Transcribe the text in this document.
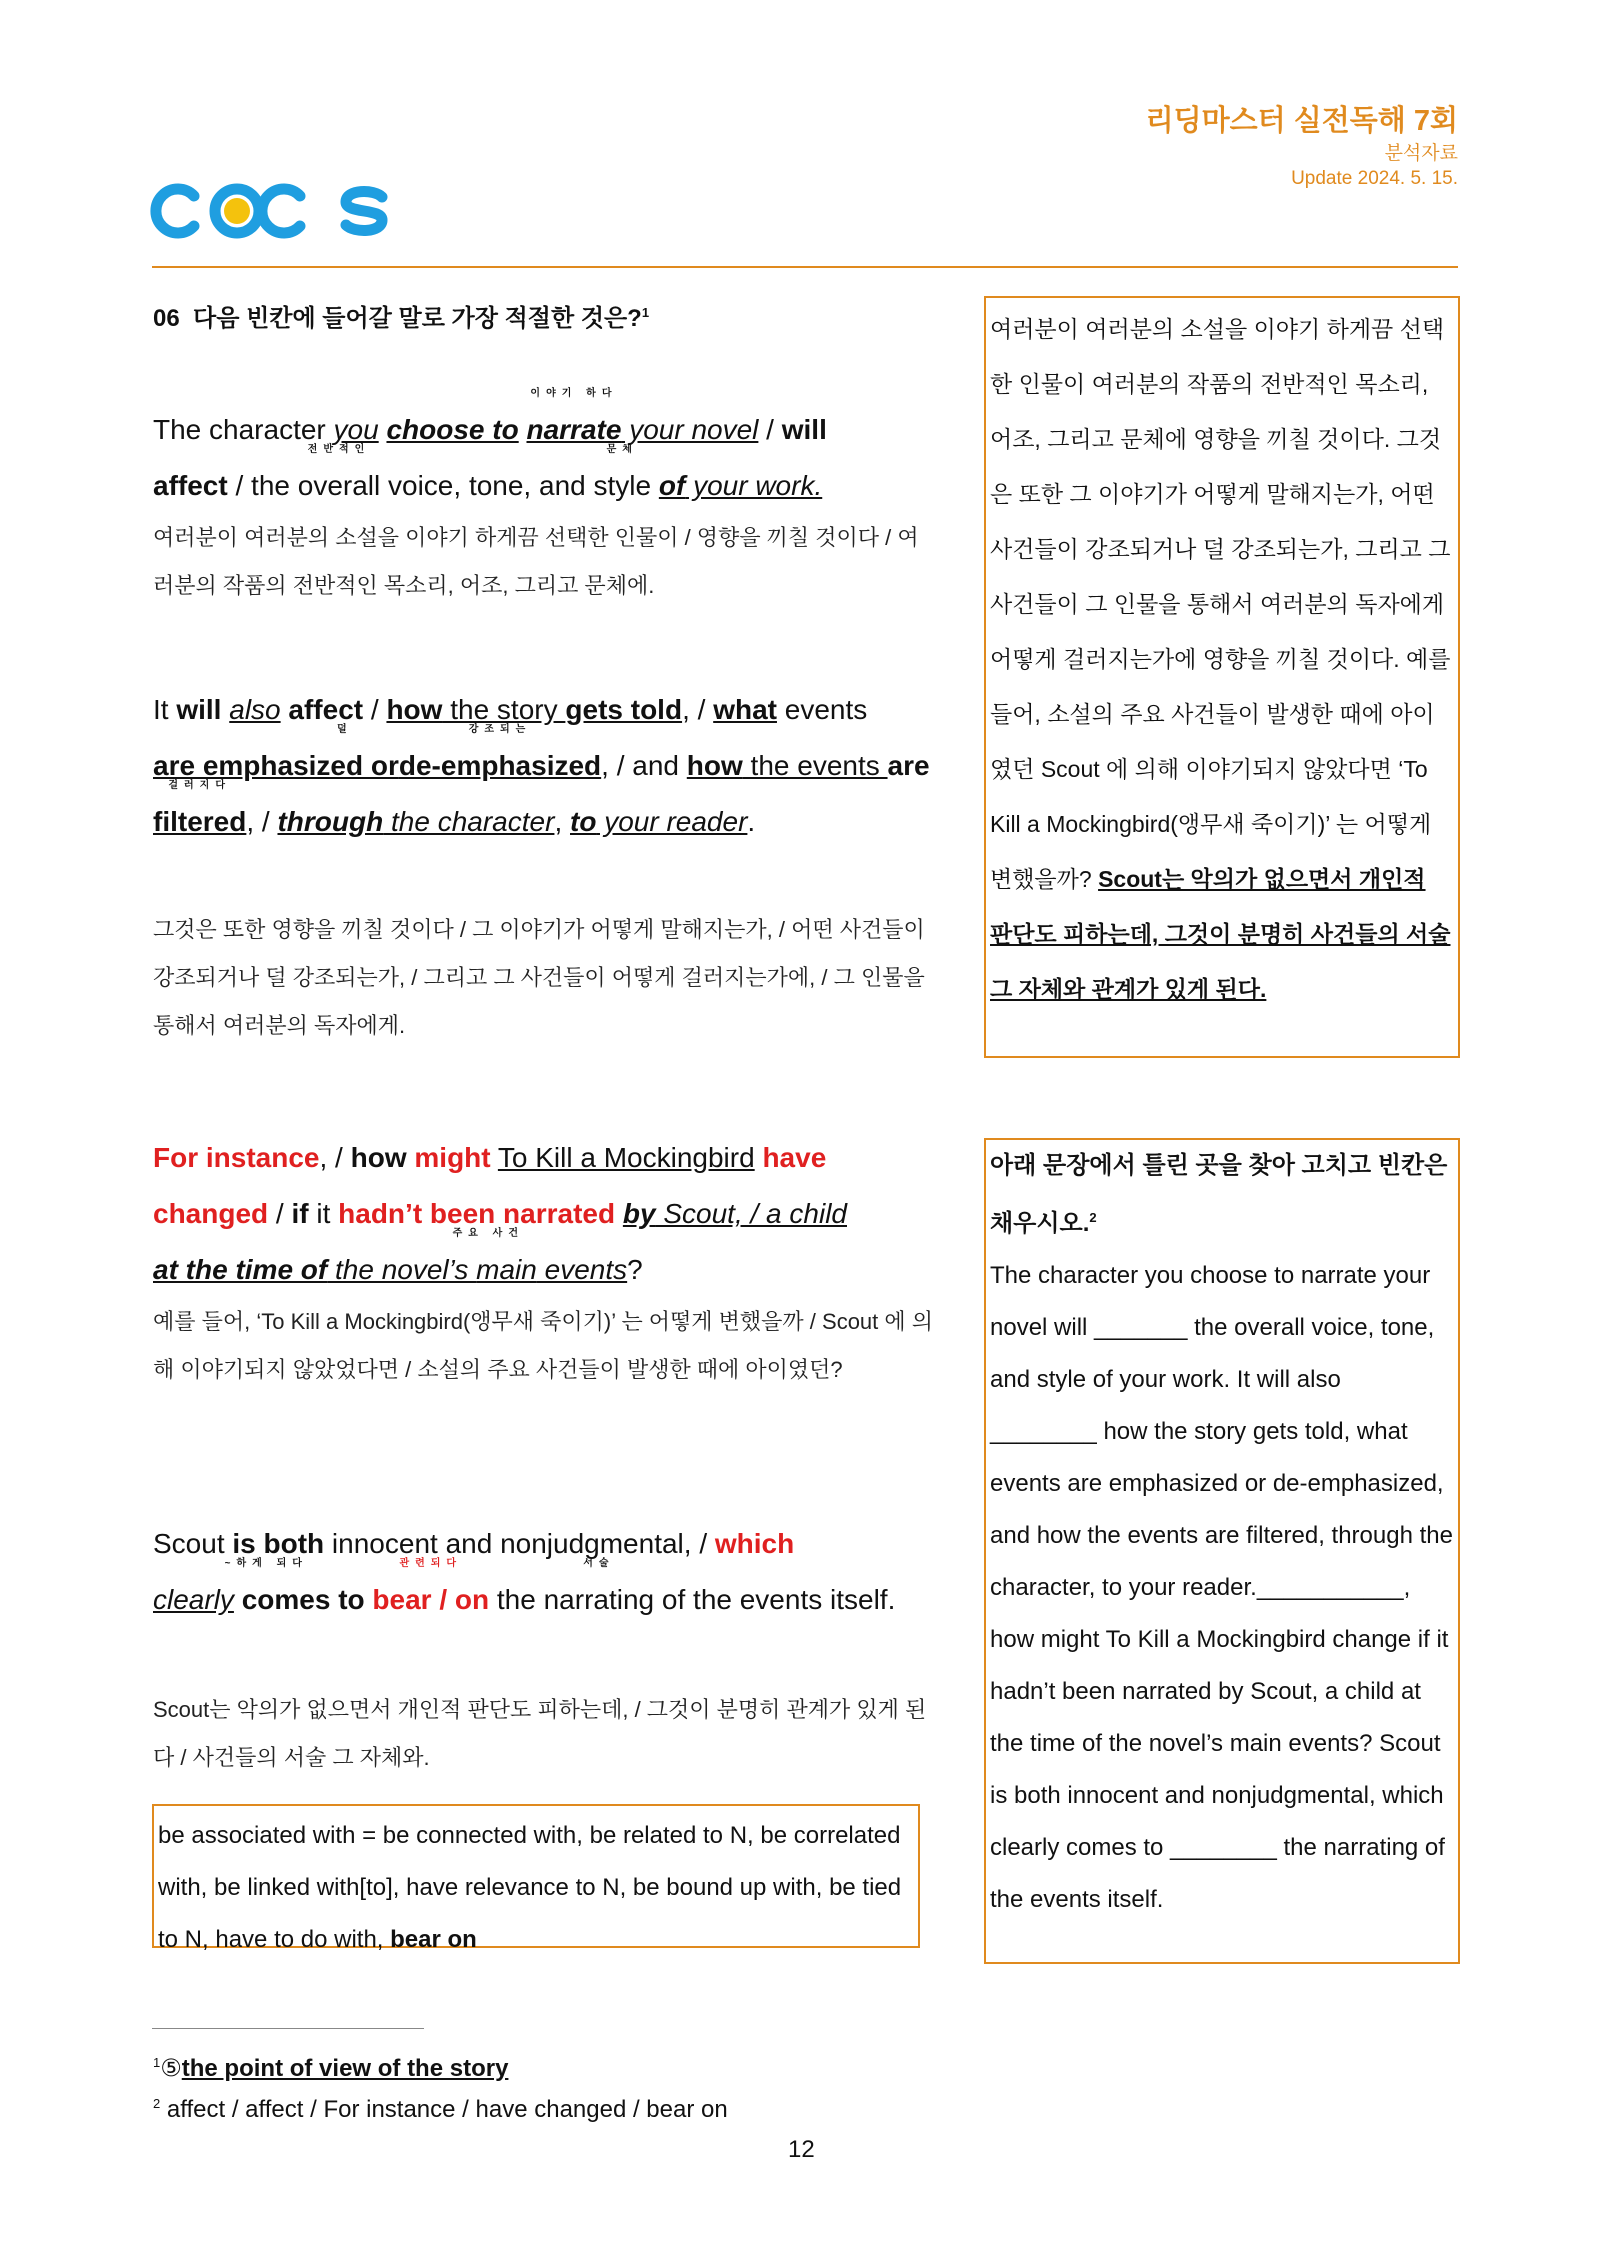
리딩마스터 실전독해 7회
분석자료
Update 2024. 5. 15.
06 다음 빈칸에 들어갈 말로 가장 적절한 것은?$^1$
The character you choose to
이야기 하다
narrate your novel / will
affect / the
전반적인
overall voice, tone, and
문체
style of your work.
여러분이 여러분의 소설을 이야기 하게끔 선택한 인물이 / 영향을 끼칠 것이다 / 여러분의 작품의 전반적인 목소리, 어조, 그리고 문체에.
It will also affect / how the story gets told, / what events

덜
are emphasized or
강조되는
de-emphasized, / and how the events are
걸러지다
filtered, / through the character, to your reader.
그것은 또한 영향을 끼칠 것이다 / 그 이야기가 어떻게 말해지는가, / 어떤 사건들이 강조되거나 덜 강조되는가, / 그리고 그 사건들이 어떻게 걸러지는가에, / 그 인물을 통해서 여러분의 독자에게.
For instance, / how might To Kill a Mockingbird have changed / if it hadn’t been narrated by Scout, / a child
at the time of the novel’s
주요 사건
main events?
예를 들어, ‘To Kill a Mockingbird(앵무새 죽이기)’ 는 어떻게 변했을까 / Scout 에 의해 이야기되지 않았었다면 / 소설의 주요 사건들이 발생한 때에 아이였던?
Scout is both innocent and nonjudgmental, / which
clearly
~하게 되다
comes to
관련되다
bear / on the
서술
narrating of the events itself.
Scout는 악의가 없으면서 개인적 판단도 피하는데, / 그것이 분명히 관계가 있게 된다 / 사건들의 서술 그 자체와.
be associated with = be connected with, be related to N, be correlated with, be linked with[to], have relevance to N, be bound up with, be tied to N, have to do with, bear on
여러분이 여러분의 소설을 이야기 하게끔 선택한 인물이 여러분의 작품의 전반적인 목소리, 어조, 그리고 문체에 영향을 끼칠 것이다. 그것은 또한 그 이야기가 어떻게 말해지는가, 어떤 사건들이 강조되거나 덜 강조되는가, 그리고 그 사건들이 그 인물을 통해서 여러분의 독자에게 어떻게 걸러지는가에 영향을 끼칠 것이다. 예를 들어, 소설의 주요 사건들이 발생한 때에 아이였던 Scout 에 의해 이야기되지 않았다면 ‘To Kill a Mockingbird(앵무새 죽이기)’ 는 어떻게 변했을까? Scout는 악의가 없으면서 개인적 판단도 피하는데, 그것이 분명히 사건들의 서술 그 자체와 관계가 있게 된다.
아래 문장에서 틀린 곳을 찾아 고치고 빈칸은 채우시오.$^2$
The character you choose to narrate your novel will _______ the overall voice, tone, and style of your work. It will also ________ how the story gets told, what events are emphasized or de-emphasized, and how the events are filtered, through the character, to your reader.___________, how might To Kill a Mockingbird change if it hadn’t been narrated by Scout, a child at the time of the novel’s main events? Scout is both innocent and nonjudgmental, which clearly comes to ________ the narrating of the events itself.
$^1$⑤the point of view of the story
$^2$ affect / affect / For instance / have changed / bear on
12
